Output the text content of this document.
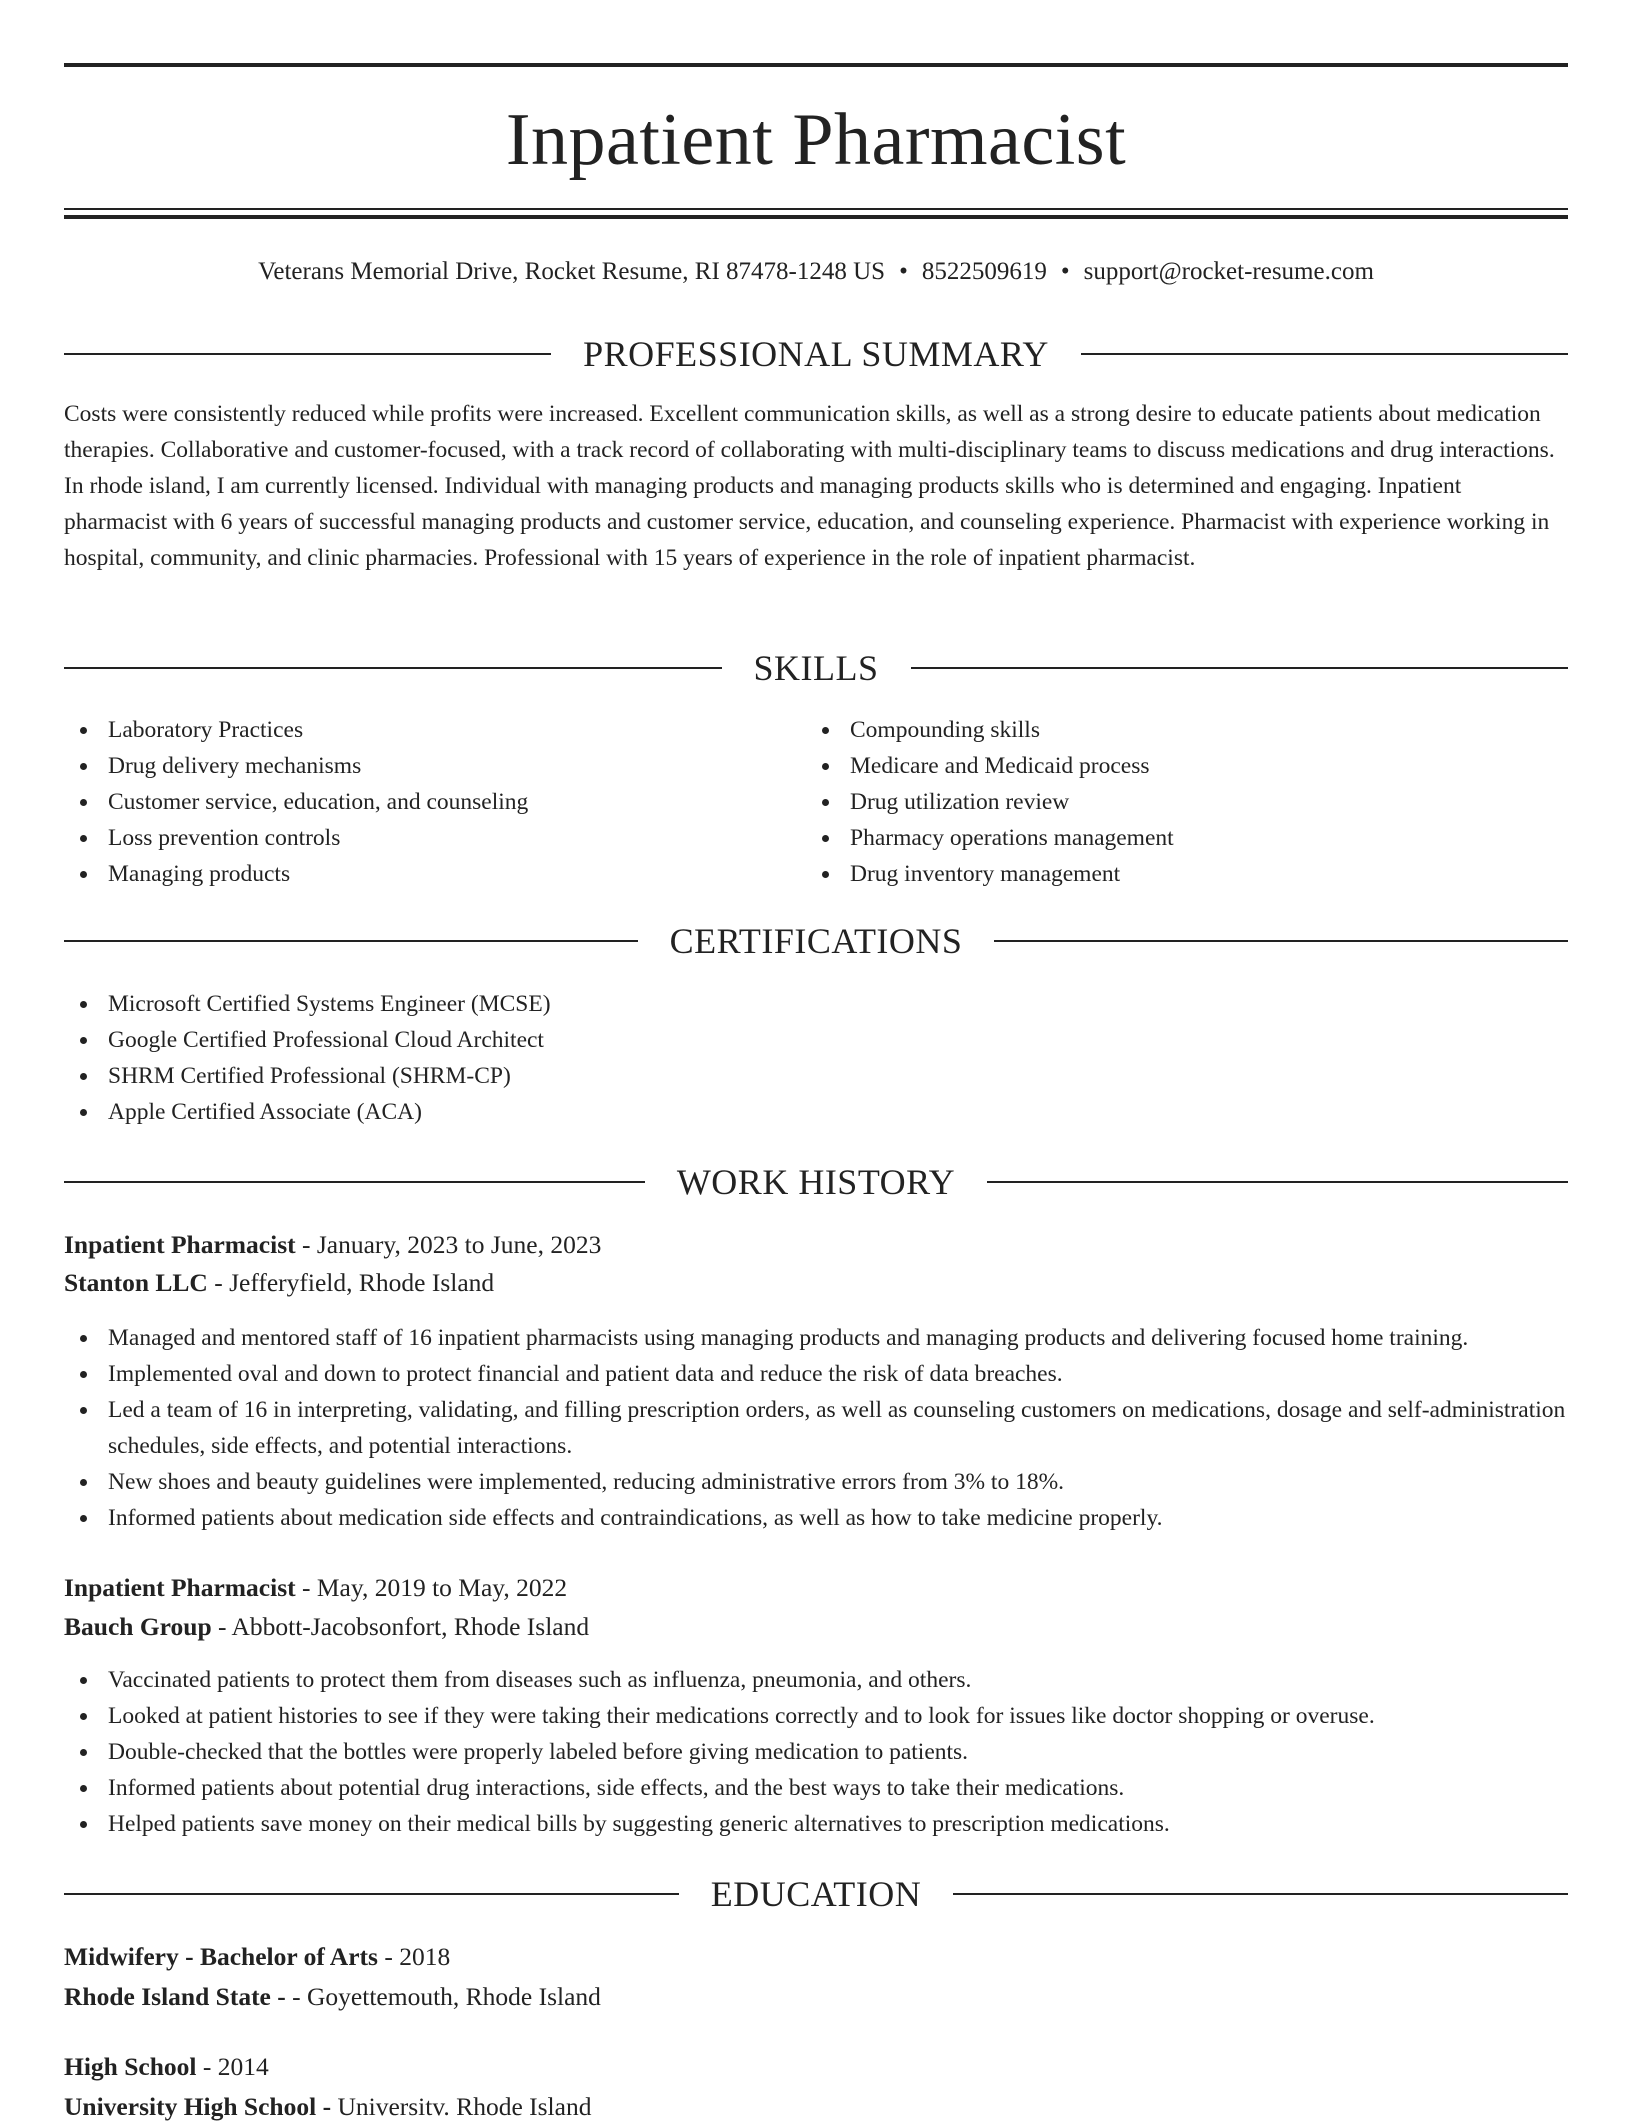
Inpatient Pharmacist
Veterans Memorial Drive, Rocket Resume, RI 87478-1248 US • 8522509619 • support@rocket-resume.com
PROFESSIONAL SUMMARY
Costs were consistently reduced while profits were increased. Excellent communication skills, as well as a strong desire to educate patients about medication therapies. Collaborative and customer-focused, with a track record of collaborating with multi-disciplinary teams to discuss medications and drug interactions. In rhode island, I am currently licensed. Individual with managing products and managing products skills who is determined and engaging. Inpatient pharmacist with 6 years of successful managing products and customer service, education, and counseling experience. Pharmacist with experience working in hospital, community, and clinic pharmacies. Professional with 15 years of experience in the role of inpatient pharmacist.
SKILLS
Laboratory Practices
Drug delivery mechanisms
Customer service, education, and counseling
Loss prevention controls
Managing products
Compounding skills
Medicare and Medicaid process
Drug utilization review
Pharmacy operations management
Drug inventory management
CERTIFICATIONS
Microsoft Certified Systems Engineer (MCSE)
Google Certified Professional Cloud Architect
SHRM Certified Professional (SHRM-CP)
Apple Certified Associate (ACA)
WORK HISTORY
Inpatient Pharmacist - January, 2023 to June, 2023
Stanton LLC - Jefferyfield, Rhode Island
Managed and mentored staff of 16 inpatient pharmacists using managing products and managing products and delivering focused home training.
Implemented oval and down to protect financial and patient data and reduce the risk of data breaches.
Led a team of 16 in interpreting, validating, and filling prescription orders, as well as counseling customers on medications, dosage and self-administration schedules, side effects, and potential interactions.
New shoes and beauty guidelines were implemented, reducing administrative errors from 3% to 18%.
Informed patients about medication side effects and contraindications, as well as how to take medicine properly.
Inpatient Pharmacist - May, 2019 to May, 2022
Bauch Group - Abbott-Jacobsonfort, Rhode Island
Vaccinated patients to protect them from diseases such as influenza, pneumonia, and others.
Looked at patient histories to see if they were taking their medications correctly and to look for issues like doctor shopping or overuse.
Double-checked that the bottles were properly labeled before giving medication to patients.
Informed patients about potential drug interactions, side effects, and the best ways to take their medications.
Helped patients save money on their medical bills by suggesting generic alternatives to prescription medications.
EDUCATION
Midwifery - Bachelor of Arts - 2018
Rhode Island State - - Goyettemouth, Rhode Island
High School - 2014
University High School - Universitv. Rhode Island
